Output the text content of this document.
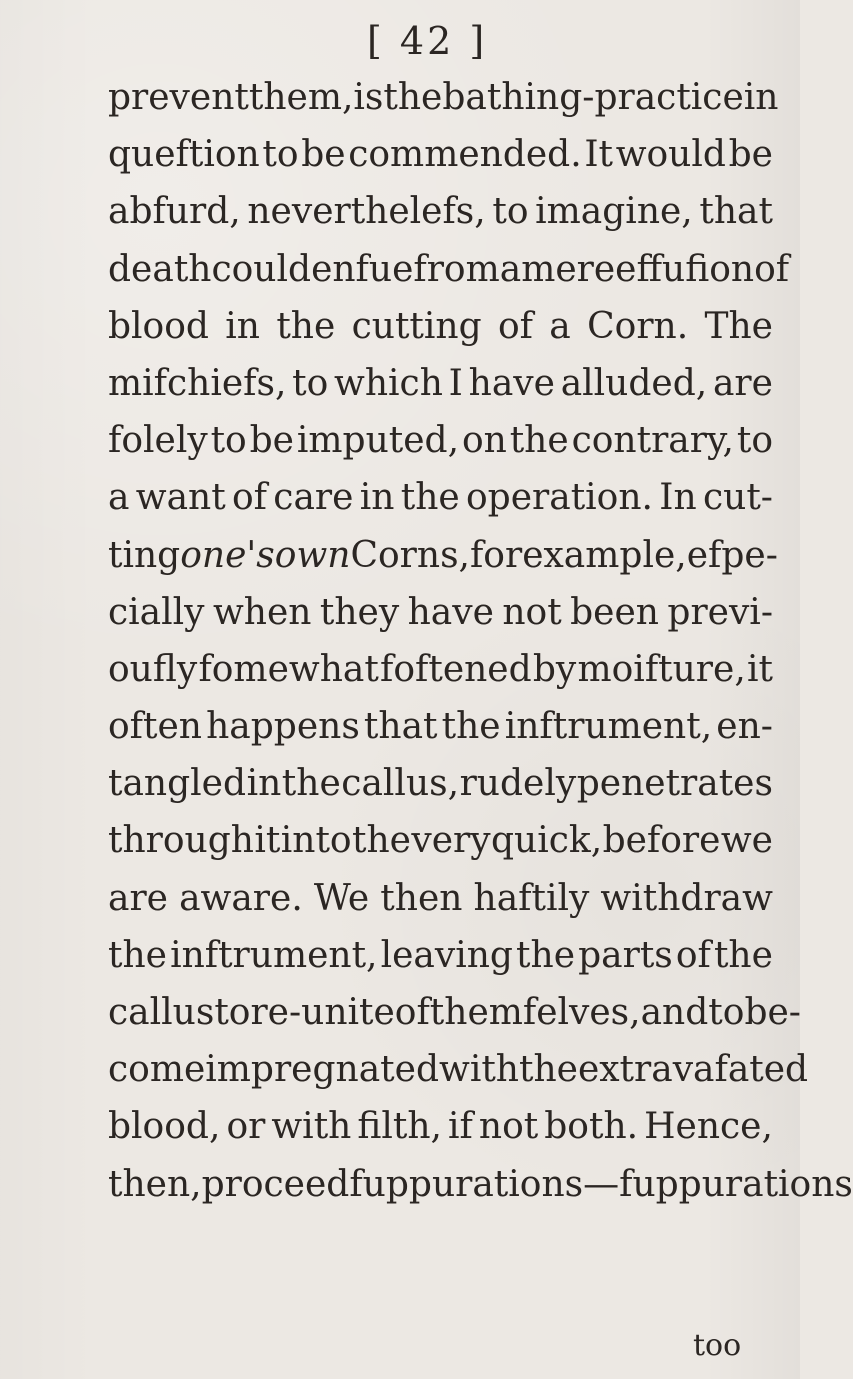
[ 42 ]
prevent them, is the bathing-practice in
queftion to be commended. It would be
abfurd, neverthelefs, to imagine, that
death could enfue from a mere effufion of
blood in the cutting of a Corn. The
mifchiefs, to which I have alluded, are
folely to be imputed, on the contrary, to
a want of care in the operation. In cut-
ting one's own Corns, for example, efpe-
cially when they have not been previ-
oufly fomewhat foftened by moifture, it
often happens that the inftrument, en-
tangled in the callus, rudely penetrates
through it into the very quick, before we
are aware. We then haftily withdraw
the inftrument, leaving the parts of the
callus to re-unite of themfelves, and to be-
come impregnated with the extravafated
blood, or with filth, if not both. Hence,
then, proceed fuppurations—fuppurations
too
